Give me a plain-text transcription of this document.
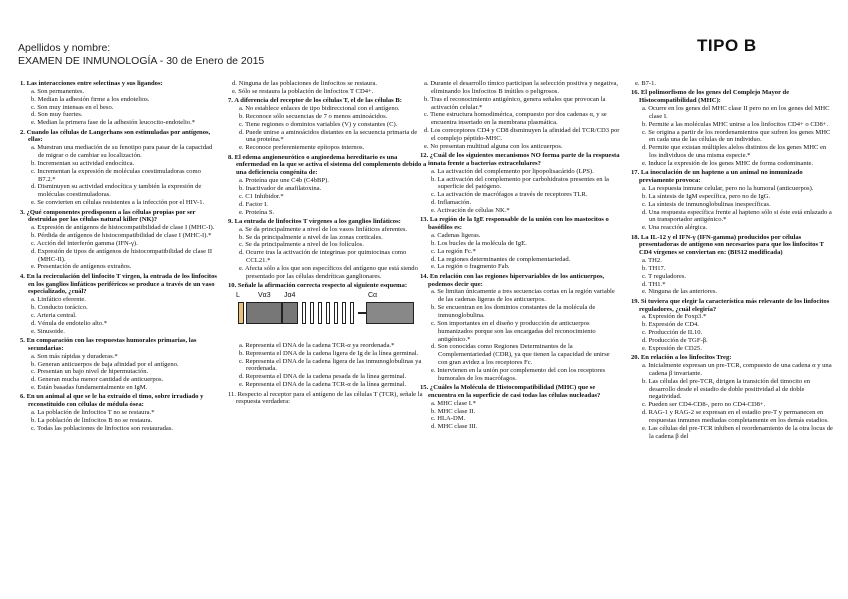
Apellidos y nombre:
EXAMEN DE INMUNOLOGÍA - 30 de Enero de 2015
TIPO B
1. Las interacciones entre selectinas y sus ligandos:
a. Son permanentes.
b. Median la adhesión firme a los endotelios.
c. Son muy intensas en el beso.
d. Son muy fuertes.
e. Median la primera fase de la adhesión leucocito-endotelio.*
2. Cuando las células de Langerhans son estimuladas por antígenos, ellas:
a. Muestran una mediación de su fenotipo para pasar de la capacidad de migrar o de cambiar su localización.
b. Incrementan su actividad endocítica.
c. Incrementan la expresión de moléculas coestimuladoras como B7.2.*
d. Disminuyen su actividad endocítica y también la expresión de moléculas coestimuladoras.
e. Se convierten en células resistentes a la infección por el HIV-1.
3. ¿Qué componentes predisponen a las células propias por ser destruidas por las células natural killer (NK)?
a. Expresión de antígenos de histocompatibilidad de clase I (MHC-I).
b. Pérdida de antígenos de histocompatibilidad de clase I (MHC-I).*
c. Acción del interferón gamma (IFN-γ).
d. Expresión de tipos de antígenos de histocompatibilidad de clase II (MHC-II).
e. Presentación de antígenos extraños.
4. En la recirculación del linfocito T virgen, la entrada de los linfocitos en los ganglios linfáticos periféricos se produce a través de un vaso especializado, ¿cuál?
a. Linfático eferente.
b. Conducto torácico.
c. Arteria central.
d. Vénula de endotelio alto.*
e. Sinusoide.
5. En comparación con las respuestas humorales primarias, las secundarias:
a. Son más rápidas y duraderas.*
b. Generan anticuerpos de baja afinidad por el antígeno.
c. Presentan un bajo nivel de hipermutación.
d. Generan mucha menor cantidad de anticuerpos.
e. Están basadas fundamentalmente en IgM.
6. En un animal al que se le ha extraído el timo, sobre irradiado y reconstituido con células de médula ósea:
a. La población de linfocitos T no se restaura.*
b. La población de linfocitos B no se restaura.
c. Todas las poblaciones de linfocitos son restauradas.
d. Ninguna de las poblaciones de linfocitos se restaura.
e. Sólo se restaura la población de linfocitos T CD4+.
7. A diferencia del receptor de los células T, el de las células B:
a. No establece enlaces de tipo bidireccional con el antígeno.
b. Reconoce sólo secuencias de 7 o menos aminoácidos.
c. Tiene regiones o dominios variables (V) y constantes (C).
d. Puede unirse a aminoácidos distantes en la secuencia primaria de una proteína.*
e. Reconoce preferentemente epítopos internos.
8. El edema angioneurótico o angioedema hereditario es una enfermedad en la que se activa el sistema del complemento debido a una deficiencia congénita de:
a. Proteína que une C4b (C4bBP).
b. Inactivador de anafilatoxina.
c. C1 Inhibidor.*
d. Factor I.
e. Proteína S.
9. La entrada de linfocitos T vírgenes a los ganglios linfáticos:
a. Se da principalmente a nivel de los vasos linfáticos aferentes.
b. Se da principalmente a nivel de las zonas corticales.
c. Se da principalmente a nivel de los folículos.
d. Ocurre tras la activación de integrinas por quimiocinas como CCL21.*
e. Afecta sólo a los que son específicos del antígeno que está siendo presentado por las células dendríticas ganglionares.
10. Señale la afirmación correcta respecto al siguiente esquema:
L	Vα3 Jα4	Cα
a. Representa el DNA de la cadena TCR-α ya reordenada.*
b. Representa el DNA de la cadena ligera de Ig de la línea germinal.
c. Representa el DNA de la cadena ligera de las inmunoglobulinas ya reordenada.
d. Representa el DNA de la cadena pesada de la línea germinal.
e. Representa el DNA de la cadena TCR-α de la línea germinal.
11. Respecto al receptor para el antígeno de las células T (TCR), señale la respuesta verdadera:
a. Durante el desarrollo tímico participan la selección positiva y negativa, eliminando los linfocitos B inútiles o peligrosos.
b. Tras el reconocimiento antigénico, genera señales que provocan la activación celular.*
c. Tiene estructura homodimérica, compuesto por dos cadenas α, y se encuentra insertado en la membrana plasmática.
d. Los coreceptores CD4 y CD8 disminuyen la afinidad del TCR/CD3 por el complejo péptido-MHC.
e. No presentan multitud alguna con los anticuerpos.
12. ¿Cuál de los siguientes mecanismos NO forma parte de la respuesta innata frente a bacterias extracelulares?
a. La activación del complemento por lipopolisacárido (LPS).
b. La activación del complemento por carbohidratos presentes en la superficie del patógeno.
c. La activación de macrófagos a través de receptores TLR.
d. Inflamación.
e. Activación de células NK.*
13. La región de la IgE responsable de la unión con los mastocitos o basófilos es:
a. Cadenas ligeras.
b. Los bucles de la molécula de IgE.
c. La región Fc.*
d. La regiones determinantes de complementariedad.
e. La región o fragmento Fab.
14. En relación con las regiones hipervariables de los anticuerpos, podemos decir que:
a. Se limitan únicamente a tres secuencias cortas en la región variable de las cadenas ligeras de los anticuerpos.
b. Se encuentran en los dominios constantes de la molécula de inmunoglobulina.
c. Son importantes en el diseño y producción de anticuerpos humanizados porque son las encargadas del reconocimiento antigénico.*
d. Son conocidas como Regiones Determinantes de la Complementariedad (CDR), ya que tienen la capacidad de unirse con gran avidez a los receptores Fc.
e. Intervienen en la unión por complemento del con los receptores humorales de los macrófagos.
15. ¿Cuáles la Molécula de Histocompatibilidad (MHC) que se encuentra en la superficie de casi todas las células nucleadas?
a. MHC clase I.*
b. MHC clase II.
c. HLA-DM.
d. MHC clase III.
e. B7-1.
16. El polimorfismo de los genes del Complejo Mayor de Histocompatibilidad (MHC):
a. Ocurre en los genes del MHC clase II pero no en los genes del MHC clase I.
b. Permite a las moléculas MHC unirse a los linfocitos CD4+ o CD8+.
c. Se origina a partir de los reordenamientos que sufren los genes MHC en cada una de las células de un individuo.
d. Permite que existan múltiples alelos distintos de los genes MHC en los individuos de una misma especie.*
e. Induce la expresión de los genes MHC de forma codominante.
17. La inoculación de un hapteno a un animal no inmunizado previamente provoca:
a. La respuesta inmune celular, pero no la humoral (anticuerpos).
b. La síntesis de IgM específica, pero no de IgG.
c. La síntesis de inmunoglobulinas inespecíficas.
d. Una respuesta específica frente al hapteno sólo si éste está enlazado a un transportador antigénico.*
e. Una reacción alérgica.
18. La IL-12 y el IFN-γ (IFN-gamma) producidos por células presentadoras de antígeno son necesarios para que los linfocitos T CD4 vírgenes se conviertan en: (BIS12 modificada)
a. TH2.
b. TH17.
c. T reguladores.
d. TH1.*
e. Ninguna de las anteriores.
19. Si tuviera que elegir la característica más relevante de los linfocitos reguladores, ¿cuál elegiría?
a. Expresión de Foxp3.*
b. Expresión de CD4.
c. Producción de IL10.
d. Producción de TGF-β.
e. Expresión de CD25.
20. En relación a los linfocitos Treg:
a. Inicialmente expresan un pre-TCR, compuesto de una cadena α y una cadena β invariante.
b. Las células del pre-TCR, dirigen la transición del timocito en desarrollo desde el estadio de doble positividad al de doble negatividad.
c. Pueden ser CD4-CD8-, pero no CD4-CD8+.
d. RAG-1 y RAG-2 se expresan en el estadio pre-T y permanecen en respuestas inmunes mediadas completamente en los demás estadios.
e. Las células del pre-TCR inhiben el reordenamiento de la otra locus de la cadena β del
